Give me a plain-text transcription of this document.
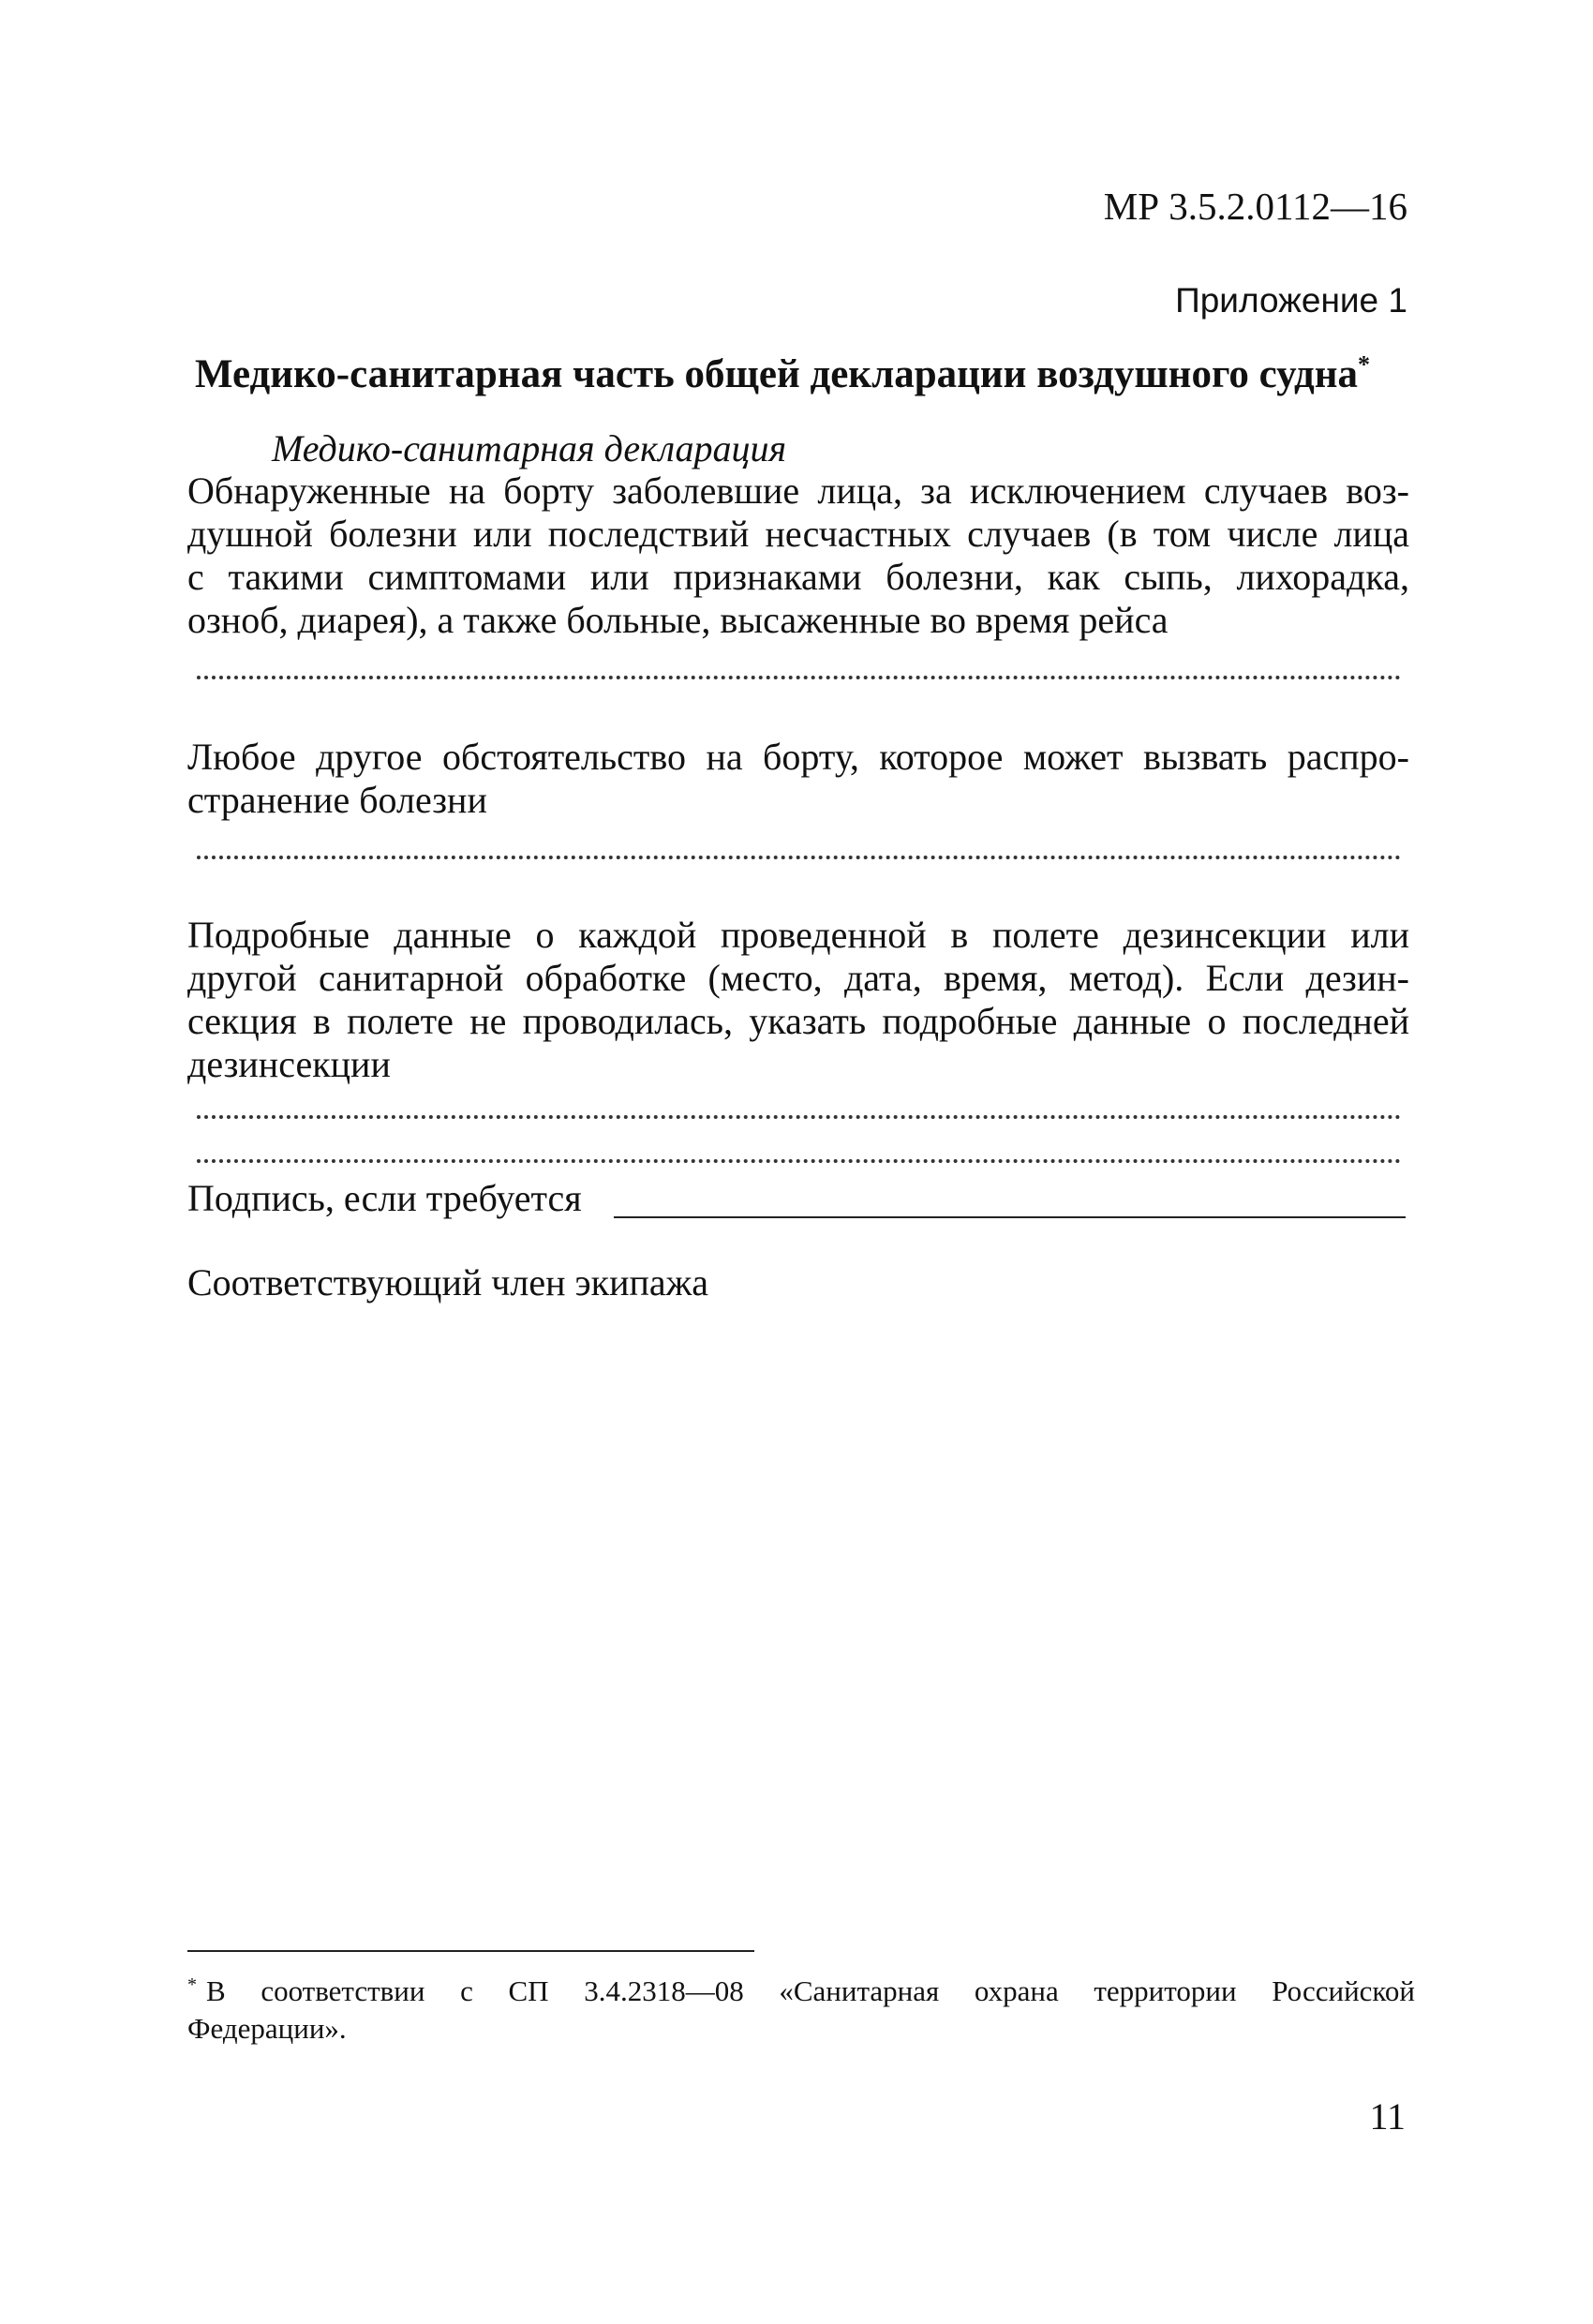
МР 3.5.2.0112—16
Приложение 1
Медико-санитарная часть общей декларации воздушного судна*
Медико-санитарная декларация
Обнаруженные на борту заболевшие лица, за исключением случаев воз-
душной болезни или последствий несчастных случаев (в том числе лица
с такими симптомами или признаками болезни, как сыпь, лихорадка,
озноб, диарея), а также больные, высаженные во время рейса
Любое другое обстоятельство на борту, которое может вызвать распро-
странение болезни
Подробные данные о каждой проведенной в полете дезинсекции или
другой санитарной обработке (место, дата, время, метод). Если дезин-
секция в полете не проводилась, указать подробные данные о последней
дезинсекции
Подпись, если требуется
Соответствующий член экипажа
* В соответствии с СП 3.4.2318—08 «Санитарная охрана территории Российской
Федерации».
11
